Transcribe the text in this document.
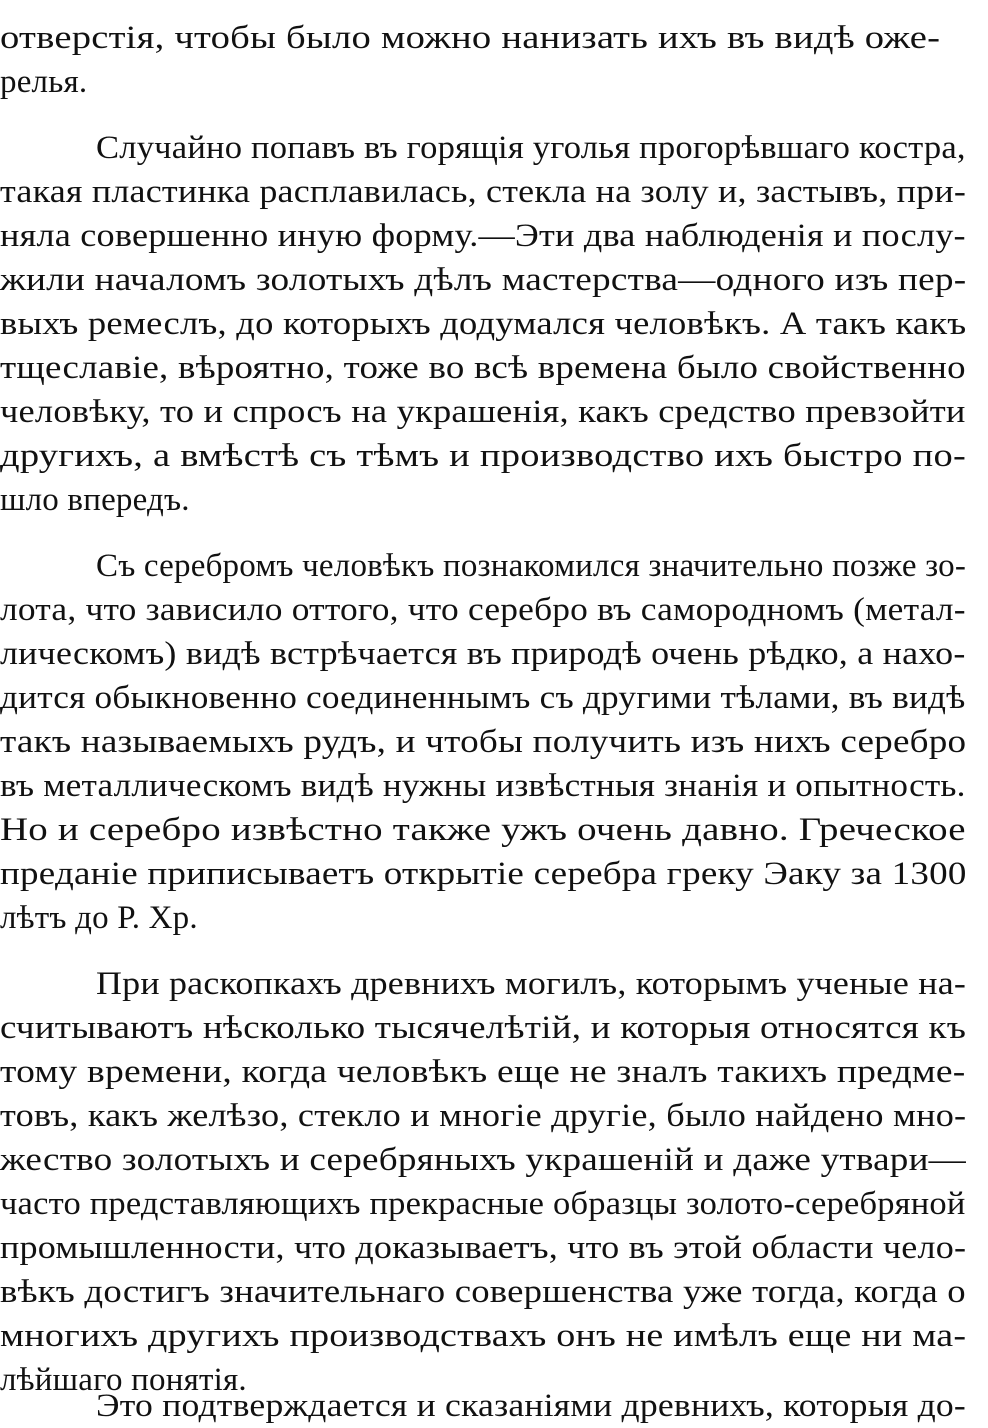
отверстія, чтобы было можно нанизать ихъ въ видѣ оже-
релья.
Случайно попавъ въ горящія уголья прогорѣвшаго костра,
такая пластинка расплавилась, стекла на золу и, застывъ, при-
няла совершенно иную форму.—Эти два наблюденія и послу-
жили началомъ золотыхъ дѣлъ мастерства—одного изъ пер-
выхъ ремеслъ, до которыхъ додумался человѣкъ. А такъ какъ
тщеславіе, вѣроятно, тоже во всѣ времена было свойственно
человѣку, то и спросъ на украшенія, какъ средство превзойти
другихъ, а вмѣстѣ съ тѣмъ и производство ихъ быстро по-
шло впередъ.
Съ серебромъ человѣкъ познакомился значительно позже зо-
лота, что зависило оттого, что серебро въ самородномъ (метал-
лическомъ) видѣ встрѣчается въ природѣ очень рѣдко, а нахо-
дится обыкновенно соединеннымъ съ другими тѣлами, въ видѣ
такъ называемыхъ рудъ, и чтобы получить изъ нихъ серебро
въ металлическомъ видѣ нужны извѣстныя знанія и опытность.
Но и серебро извѣстно также ужъ очень давно. Греческое
преданіе приписываетъ открытіе серебра греку Эаку за 1300
лѣтъ до Р. Хр.
При раскопкахъ древнихъ могилъ, которымъ ученые на-
считываютъ нѣсколько тысячелѣтій, и которыя относятся къ
тому времени, когда человѣкъ еще не зналъ такихъ предме-
товъ, какъ желѣзо, стекло и многіе другіе, было найдено мно-
жество золотыхъ и серебряныхъ украшеній и даже утвари—
часто представляющихъ прекрасные образцы золото-серебряной
промышленности, что доказываетъ, что въ этой области чело-
вѣкъ достигъ значительнаго совершенства уже тогда, когда о
многихъ другихъ производствахъ онъ не имѣлъ еще ни ма-
лѣйшаго понятія.
Это подтверждается и сказаніями древнихъ, которыя до-
